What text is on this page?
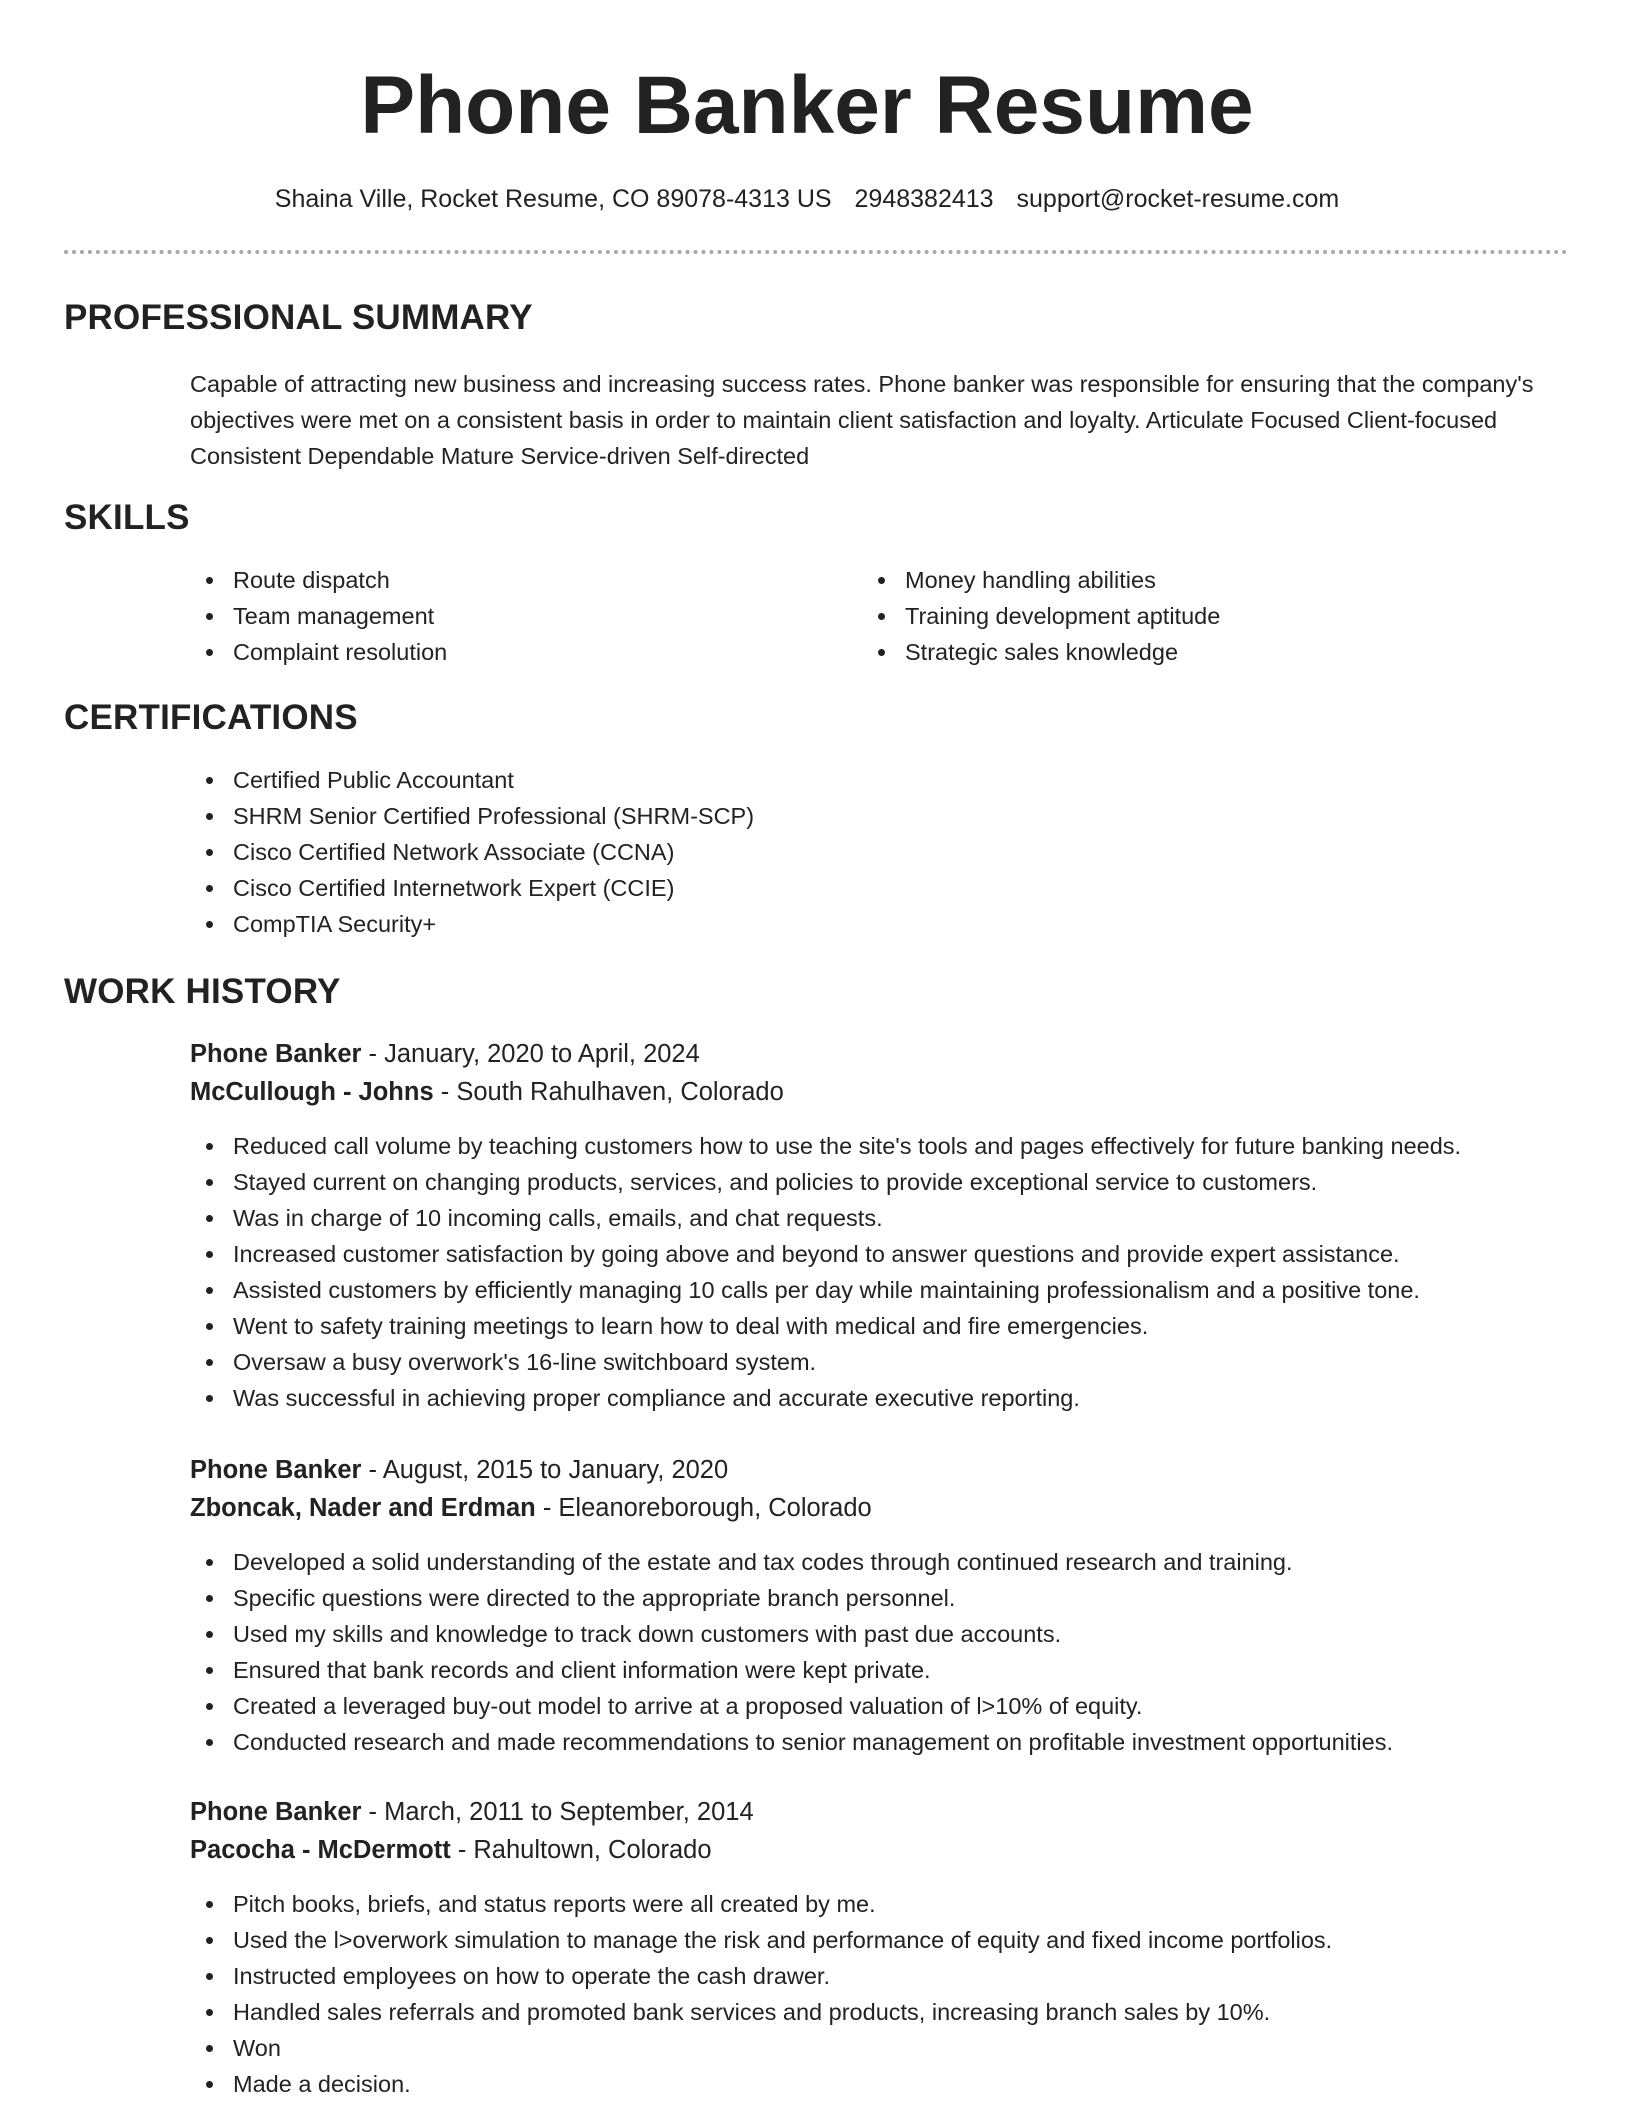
Phone Banker Resume
Shaina Ville, Rocket Resume, CO 89078-4313 US 2948382413 support@rocket-resume.com
PROFESSIONAL SUMMARY

Capable of attracting new business and increasing success rates. Phone banker was responsible for ensuring that the company's objectives were met on a consistent basis in order to maintain client satisfaction and loyalty. Articulate Focused Client-focused Consistent Dependable Mature Service-driven Self-directed

SKILLS
Route dispatch
Team management
Complaint resolution
Money handling abilities
Training development aptitude
Strategic sales knowledge
CERTIFICATIONS
Certified Public Accountant
SHRM Senior Certified Professional (SHRM-SCP)
Cisco Certified Network Associate (CCNA)
Cisco Certified Internetwork Expert (CCIE)
CompTIA Security+
WORK HISTORY
Phone Banker - January, 2020 to April, 2024
McCullough - Johns - South Rahulhaven, Colorado
Reduced call volume by teaching customers how to use the site's tools and pages effectively for future banking needs.
Stayed current on changing products, services, and policies to provide exceptional service to customers.
Was in charge of 10 incoming calls, emails, and chat requests.
Increased customer satisfaction by going above and beyond to answer questions and provide expert assistance.
Assisted customers by efficiently managing 10 calls per day while maintaining professionalism and a positive tone.
Went to safety training meetings to learn how to deal with medical and fire emergencies.
Oversaw a busy overwork's 16-line switchboard system.
Was successful in achieving proper compliance and accurate executive reporting.
Phone Banker - August, 2015 to January, 2020
Zboncak, Nader and Erdman - Eleanoreborough, Colorado
Developed a solid understanding of the estate and tax codes through continued research and training.
Specific questions were directed to the appropriate branch personnel.
Used my skills and knowledge to track down customers with past due accounts.
Ensured that bank records and client information were kept private.
Created a leveraged buy-out model to arrive at a proposed valuation of l>10% of equity.
Conducted research and made recommendations to senior management on profitable investment opportunities.
Phone Banker - March, 2011 to September, 2014
Pacocha - McDermott - Rahultown, Colorado
Pitch books, briefs, and status reports were all created by me.
Used the l>overwork simulation to manage the risk and performance of equity and fixed income portfolios.
Instructed employees on how to operate the cash drawer.
Handled sales referrals and promoted bank services and products, increasing branch sales by 10%.
Won
Made a decision.
